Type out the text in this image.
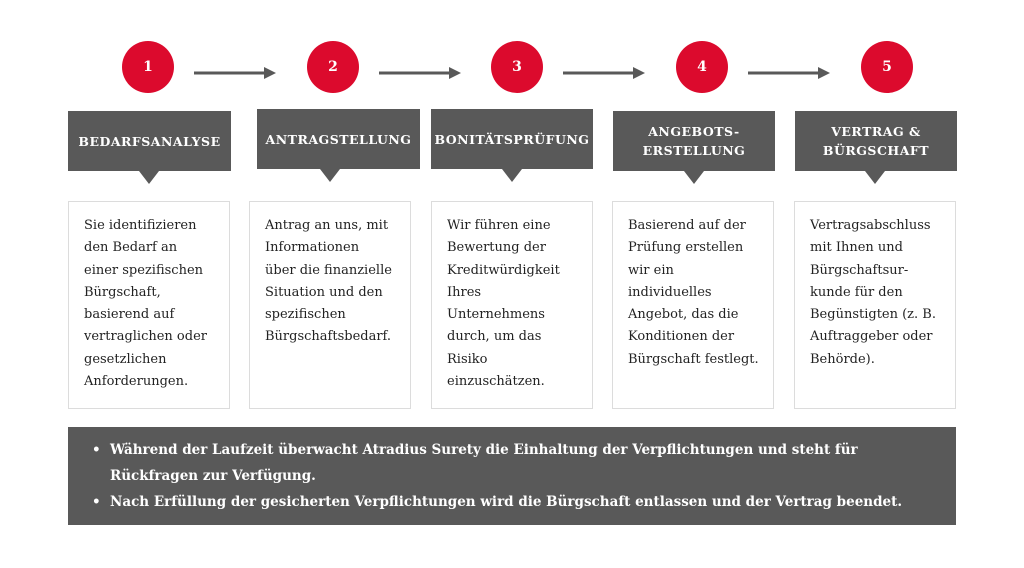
1	2	3	4	5
BEDARFSANALYSE	ANTRAGSTELLUNG	BONITÄTSPRÜFUNG	ANGEBOTS-
ERSTELLUNG
VERTRAG &
BÜRGSCHAFT
Sie identifizieren
den Bedarf an
einer spezifischen
Bürgschaft,
basierend auf
vertraglichen oder
gesetzlichen
Anforderungen.
Antrag an uns, mit
Informationen
über die finanzielle
Situation und den
spezifischen
Bürgschaftsbedarf.
Wir führen eine
Bewertung der
Kreditwürdigkeit
Ihres
Unternehmens
durch, um das
Risiko
einzuschätzen.
Basierend auf der
Prüfung erstellen
wir ein
individuelles
Angebot, das die
Konditionen der
Bürgschaft festlegt.
Vertragsabschluss
mit Ihnen und
Bürgschaftsur-
kunde für den
Begünstigten (z. B.
Auftraggeber oder
Behörde).
• Während der Laufzeit überwacht Atradius Surety die Einhaltung der Verpflichtungen und steht für Rückfragen zur Verfügung.
• Nach Erfüllung der gesicherten Verpflichtungen wird die Bürgschaft entlassen und der Vertrag beendet.
